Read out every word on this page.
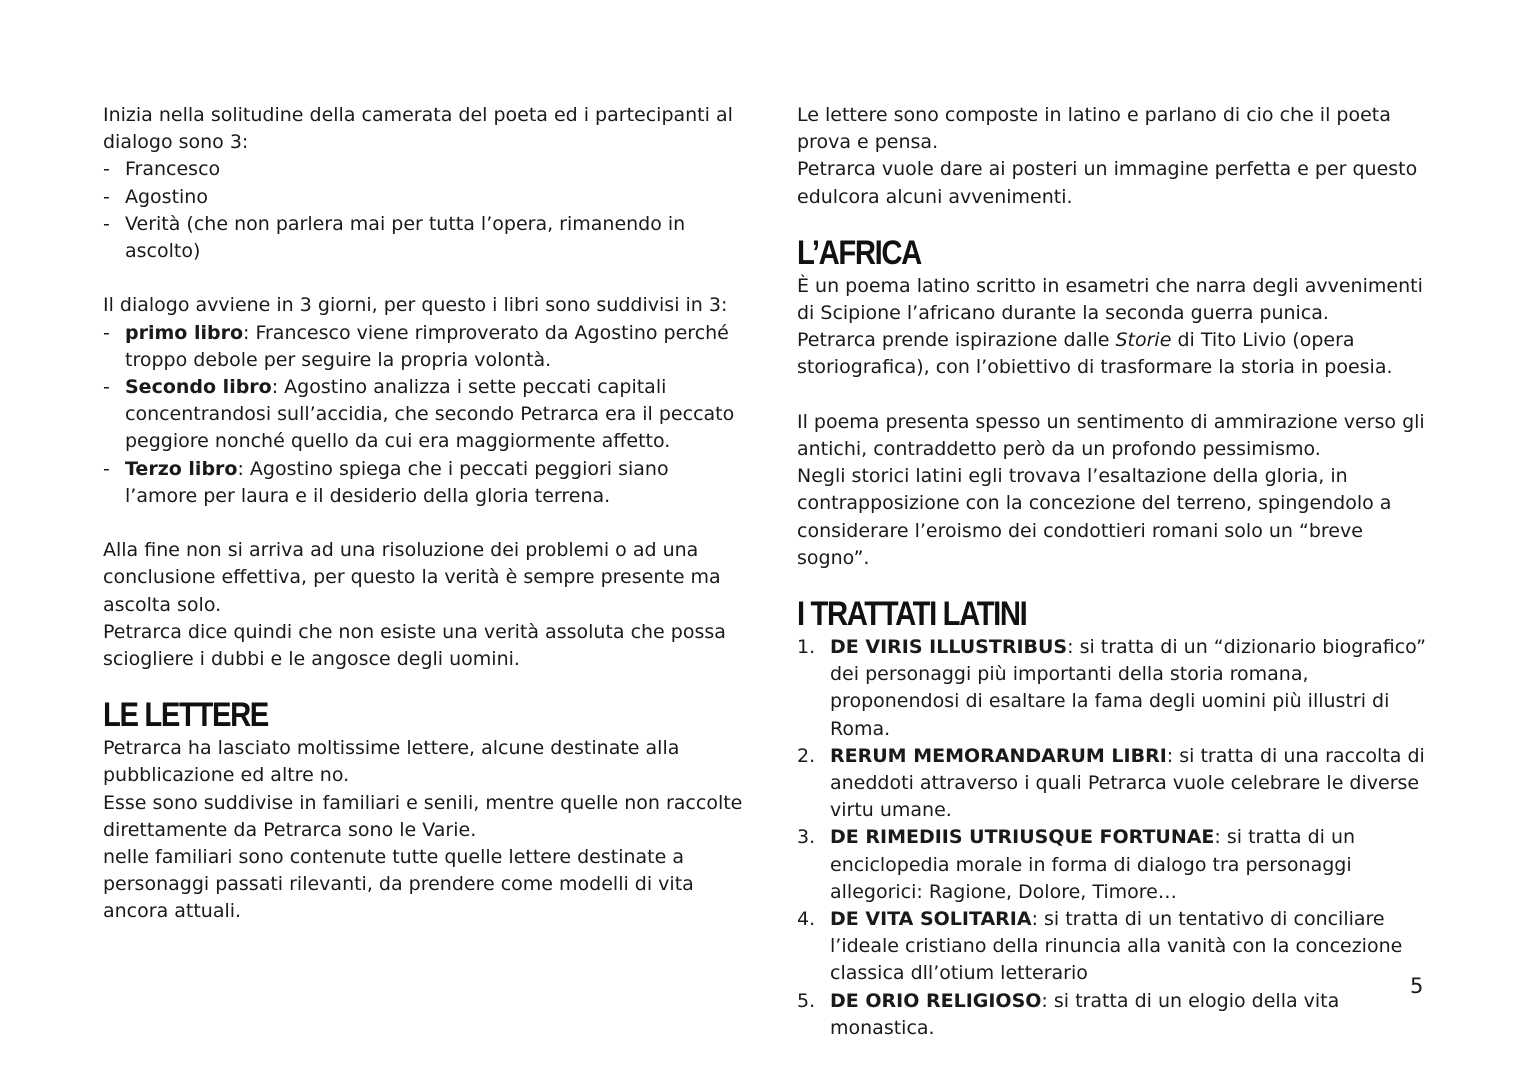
Inizia nella solitudine della camerata del poeta ed i partecipanti al dialogo sono 3:

- Francesco
- Agostino
- Verità (che non parlera mai per tutta l’opera, rimanendo in ascolto)

Il dialogo avviene in 3 giorni, per questo i libri sono suddivisi in 3:

- primo libro: Francesco viene rimproverato da Agostino perché troppo debole per seguire la propria volontà.
- Secondo libro: Agostino analizza i sette peccati capitali concentrandosi sull’accidia, che secondo Petrarca era il peccato peggiore nonché quello da cui era maggiormente affetto.
- Terzo libro: Agostino spiega che i peccati peggiori siano l’amore per laura e il desiderio della gloria terrena.

Alla fine non si arriva ad una risoluzione dei problemi o ad una conclusione effettiva, per questo la verità è sempre presente ma ascolta solo.

Petrarca dice quindi che non esiste una verità assoluta che possa sciogliere i dubbi e le angosce degli uomini.

LE LETTERE

Petrarca ha lasciato moltissime lettere, alcune destinate alla pubblicazione ed altre no.

Esse sono suddivise in familiari e senili, mentre quelle non raccolte direttamente da Petrarca sono le Varie.

nelle familiari sono contenute tutte quelle lettere destinate a personaggi passati rilevanti, da prendere come modelli di vita ancora attuali.

Le lettere sono composte in latino e parlano di cio che il poeta prova e pensa.

Petrarca vuole dare ai posteri un immagine perfetta e per questo edulcora alcuni avvenimenti.

L’AFRICA

È un poema latino scritto in esametri che narra degli avvenimenti di Scipione l’africano durante la seconda guerra punica.

Petrarca prende ispirazione dalle Storie di Tito Livio (opera storiografica), con l’obiettivo di trasformare la storia in poesia.

Il poema presenta spesso un sentimento di ammirazione verso gli antichi, contraddetto però da un profondo pessimismo.

Negli storici latini egli trovava l’esaltazione della gloria, in contrapposizione con la concezione del terreno, spingendolo a considerare l’eroismo dei condottieri romani solo un “breve sogno”.

I TRATTATI LATINI
1. DE VIRIS ILLUSTRIBUS: si tratta di un “dizionario biografico” dei personaggi più importanti della storia romana, proponendosi di esaltare la fama degli uomini più illustri di Roma.
2. RERUM MEMORANDARUM LIBRI: si tratta di una raccolta di aneddoti attraverso i quali Petrarca vuole celebrare le diverse virtu umane.
3. DE RIMEDIIS UTRIUSQUE FORTUNAE: si tratta di un enciclopedia morale in forma di dialogo tra personaggi allegorici: Ragione, Dolore, Timore…
4. DE VITA SOLITARIA: si tratta di un tentativo di conciliare l’ideale cristiano della rinuncia alla vanità con la concezione classica dll’otium letterario
5. DE ORIO RELIGIOSO: si tratta di un elogio della vita monastica.
5
